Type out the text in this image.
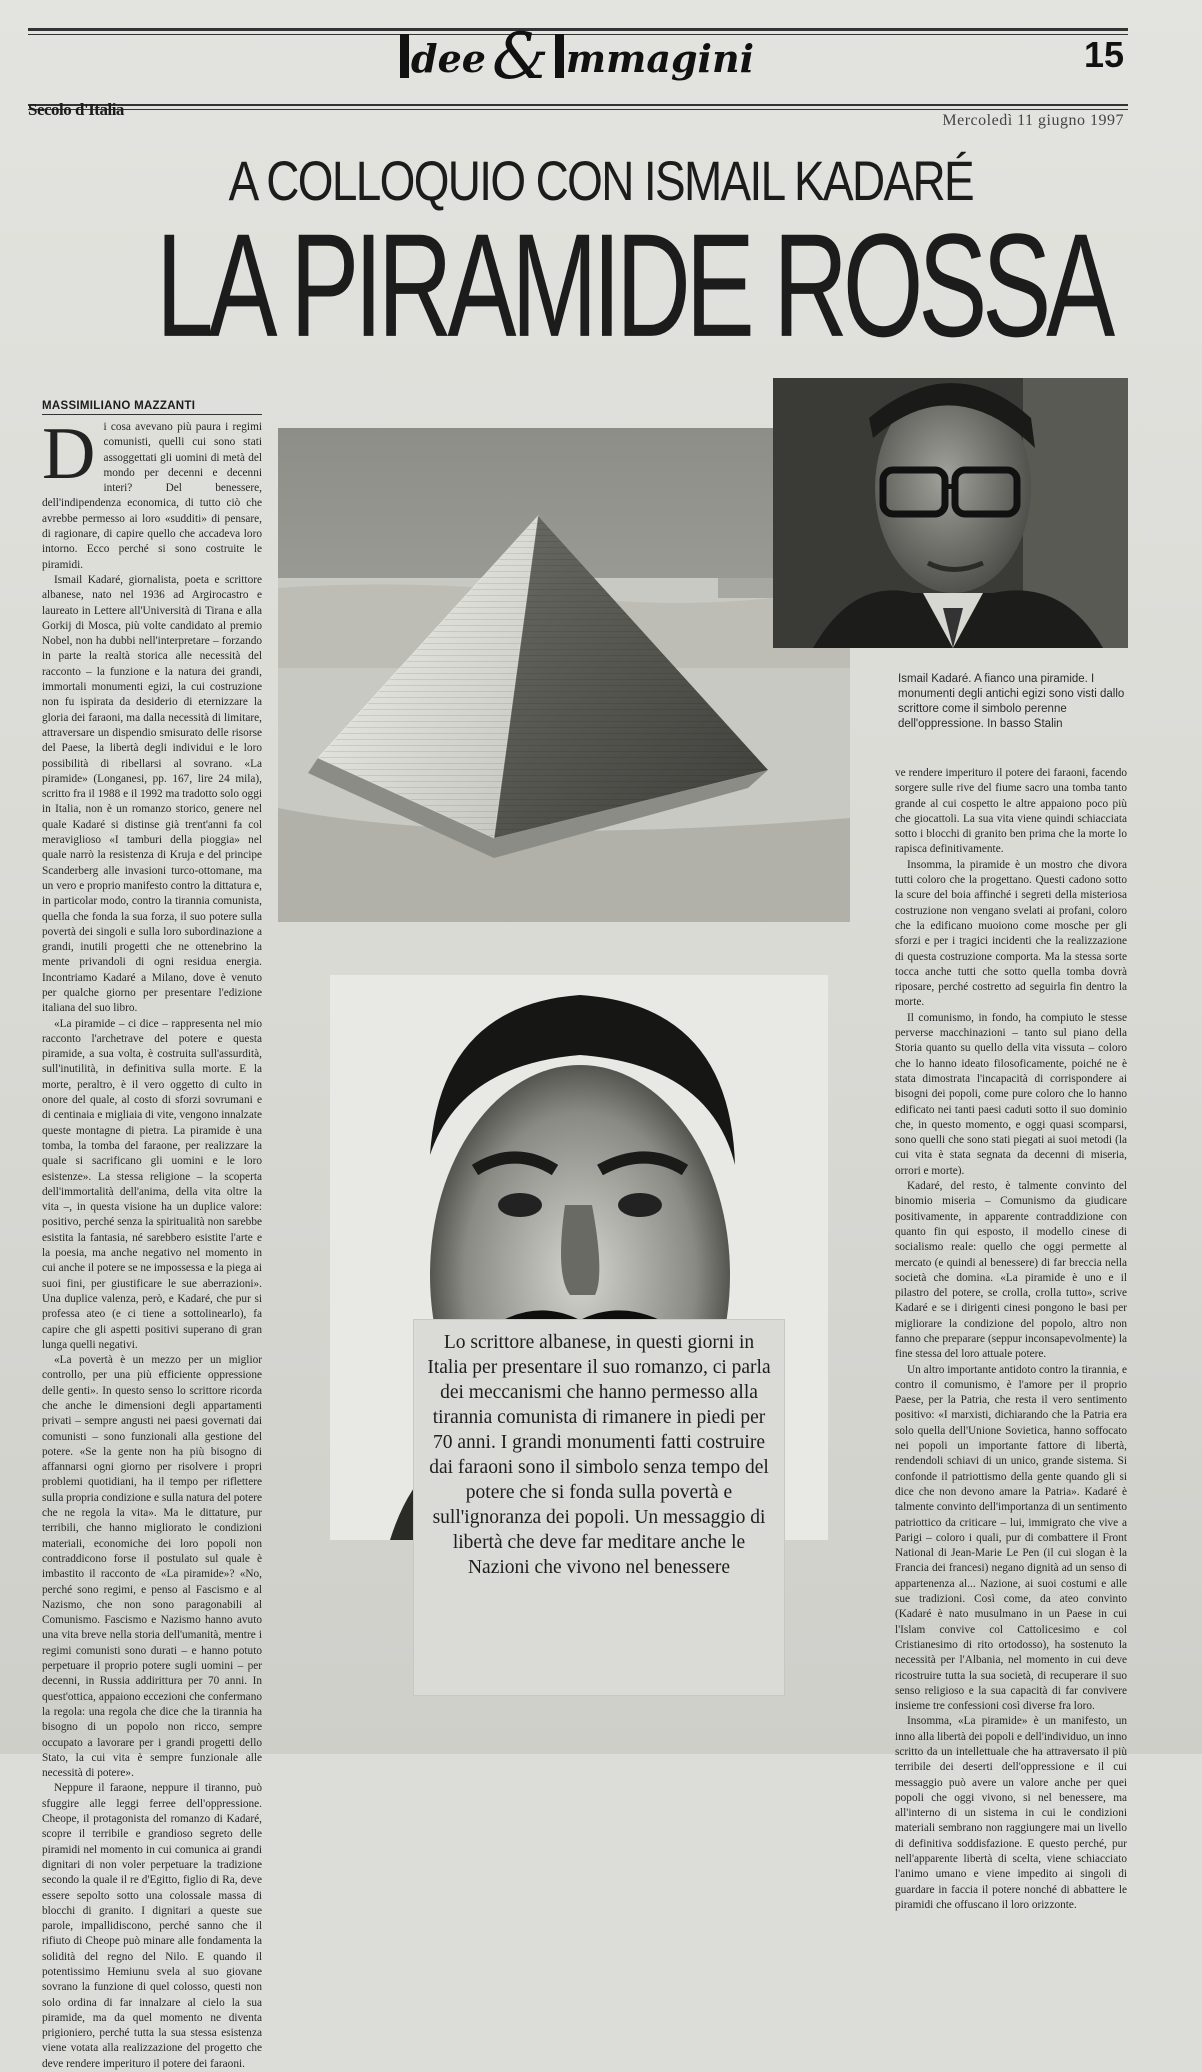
dee& mmagini	15
Secolo d'Italia
Mercoledì 11 giugno 1997
A COLLOQUIO CON ISMAIL KADARÉ
LA PIRAMIDE ROSSA
MASSIMILIANO MAZZANTI

Di cosa avevano più paura i regimi comunisti, quelli cui sono stati assoggettati gli uomini di metà del mondo per decenni e decenni interi? Del benessere, dell'indipendenza economica, di tutto ciò che avrebbe permesso ai loro «sudditi» di pensare, di ragionare, di capire quello che accadeva loro intorno. Ecco perché si sono costruite le piramidi.

Ismail Kadaré, giornalista, poeta e scrittore albanese, nato nel 1936 ad Argirocastro e laureato in Lettere all'Università di Tirana e alla Gorkij di Mosca, più volte candidato al premio Nobel, non ha dubbi nell'interpretare – forzando in parte la realtà storica alle necessità del racconto – la funzione e la natura dei grandi, immortali monumenti egizi, la cui costruzione non fu ispirata da desiderio di eternizzare la gloria dei faraoni, ma dalla necessità di limitare, attraversare un dispendio smisurato delle risorse del Paese, la libertà degli individui e le loro possibilità di ribellarsi al sovrano. «La piramide» (Longanesi, pp. 167, lire 24 mila), scritto fra il 1988 e il 1992 ma tradotto solo oggi in Italia, non è un romanzo storico, genere nel quale Kadaré si distinse già trent'anni fa col meraviglioso «I tamburi della pioggia» nel quale narrò la resistenza di Kruja e del principe Scanderberg alle invasioni turco-ottomane, ma un vero e proprio manifesto contro la dittatura e, in particolar modo, contro la tirannia comunista, quella che fonda la sua forza, il suo potere sulla povertà dei singoli e sulla loro subordinazione a grandi, inutili progetti che ne ottenebrino la mente privandoli di ogni residua energia. Incontriamo Kadaré a Milano, dove è venuto per qualche giorno per presentare l'edizione italiana del suo libro.

«La piramide – ci dice – rappresenta nel mio racconto l'archetrave del potere e questa piramide, a sua volta, è costruita sull'assurdità, sull'inutilità, in definitiva sulla morte. E la morte, peraltro, è il vero oggetto di culto in onore del quale, al costo di sforzi sovrumani e di centinaia e migliaia di vite, vengono innalzate queste montagne di pietra. La piramide è una tomba, la tomba del faraone, per realizzare la quale si sacrificano gli uomini e le loro esistenze». La stessa religione – la scoperta dell'immortalità dell'anima, della vita oltre la vita –, in questa visione ha un duplice valore: positivo, perché senza la spiritualità non sarebbe esistita la fantasia, né sarebbero esistite l'arte e la poesia, ma anche negativo nel momento in cui anche il potere se ne impossessa e la piega ai suoi fini, per giustificare le sue aberrazioni». Una duplice valenza, però, e Kadaré, che pur si professa ateo (e ci tiene a sottolinearlo), fa capire che gli aspetti positivi superano di gran lunga quelli negativi.

«La povertà è un mezzo per un miglior controllo, per una più efficiente oppressione delle genti». In questo senso lo scrittore ricorda che anche le dimensioni degli appartamenti privati – sempre angusti nei paesi governati dai comunisti – sono funzionali alla gestione del potere. «Se la gente non ha più bisogno di affannarsi ogni giorno per risolvere i propri problemi quotidiani, ha il tempo per riflettere sulla propria condizione e sulla natura del potere che ne regola la vita». Ma le dittature, pur terribili, che hanno migliorato le condizioni materiali, economiche dei loro popoli non contraddicono forse il postulato sul quale è imbastito il racconto de «La piramide»? «No, perché sono regimi, e penso al Fascismo e al Nazismo, che non sono paragonabili al Comunismo. Fascismo e Nazismo hanno avuto una vita breve nella storia dell'umanità, mentre i regimi comunisti sono durati – e hanno potuto perpetuare il proprio potere sugli uomini – per decenni, in Russia addirittura per 70 anni. In quest'ottica, appaiono eccezioni che confermano la regola: una regola che dice che la tirannia ha bisogno di un popolo non ricco, sempre occupato a lavorare per i grandi progetti dello Stato, la cui vita è sempre funzionale alle necessità di potere».

Neppure il faraone, neppure il tiranno, può sfuggire alle leggi ferree dell'oppressione. Cheope, il protagonista del romanzo di Kadaré, scopre il terribile e grandioso segreto delle piramidi nel momento in cui comunica ai grandi dignitari di non voler perpetuare la tradizione secondo la quale il re d'Egitto, figlio di Ra, deve essere sepolto sotto una colossale massa di blocchi di granito. I dignitari a queste sue parole, impallidiscono, perché sanno che il rifiuto di Cheope può minare alle fondamenta la solidità del regno del Nilo. E quando il potentissimo Hemiunu svela al suo giovane sovrano la funzione di quel colosso, questi non solo ordina di far innalzare al cielo la sua piramide, ma da quel momento ne diventa prigioniero, perché tutta la sua stessa esistenza viene votata alla realizzazione del progetto che deve rendere imperituro il potere dei faraoni.

Ismail Kadaré. A fianco una piramide. I monumenti degli antichi egizi sono visti dallo scrittore come il simbolo perenne dell'oppressione. In basso Stalin

ve rendere imperituro il potere dei faraoni, facendo sorgere sulle rive del fiume sacro una tomba tanto grande al cui cospetto le altre appaiono poco più che giocattoli. La sua vita viene quindi schiacciata sotto i blocchi di granito ben prima che la morte lo rapisca definitivamente.

Insomma, la piramide è un mostro che divora tutti coloro che la progettano. Questi cadono sotto la scure del boia affinché i segreti della misteriosa costruzione non vengano svelati ai profani, coloro che la edificano muoiono come mosche per gli sforzi e per i tragici incidenti che la realizzazione di questa costruzione comporta. Ma la stessa sorte tocca anche tutti che sotto quella tomba dovrà riposare, perché costretto ad seguirla fin dentro la morte.

Il comunismo, in fondo, ha compiuto le stesse perverse macchinazioni – tanto sul piano della Storia quanto su quello della vita vissuta – coloro che lo hanno ideato filosoficamente, poiché ne è stata dimostrata l'incapacità di corrispondere ai bisogni dei popoli, come pure coloro che lo hanno edificato nei tanti paesi caduti sotto il suo dominio che, in questo momento, e oggi quasi scomparsi, sono quelli che sono stati piegati ai suoi metodi (la cui vita è stata segnata da decenni di miseria, orrori e morte).

Kadaré, del resto, è talmente convinto del binomio miseria – Comunismo da giudicare positivamente, in apparente contraddizione con quanto fin qui esposto, il modello cinese di socialismo reale: quello che oggi permette al mercato (e quindi al benessere) di far breccia nella società che domina. «La piramide è uno e il pilastro del potere, se crolla, crolla tutto», scrive Kadaré e se i dirigenti cinesi pongono le basi per migliorare la condizione del popolo, altro non fanno che preparare (seppur inconsapevolmente) la fine stessa del loro attuale potere.

Un altro importante antidoto contro la tirannia, e contro il comunismo, è l'amore per il proprio Paese, per la Patria, che resta il vero sentimento positivo: «I marxisti, dichiarando che la Patria era solo quella dell'Unione Sovietica, hanno soffocato nei popoli un importante fattore di libertà, rendendoli schiavi di un unico, grande sistema. Si confonde il patriottismo della gente quando gli si dice che non devono amare la Patria». Kadaré è talmente convinto dell'importanza di un sentimento patriottico da criticare – lui, immigrato che vive a Parigi – coloro i quali, pur di combattere il Front National di Jean-Marie Le Pen (il cui slogan è la Francia dei francesi) negano dignità ad un senso di appartenenza al... Nazione, ai suoi costumi e alle sue tradizioni. Così come, da ateo convinto (Kadaré è nato musulmano in un Paese in cui l'Islam convive col Cattolicesimo e col Cristianesimo di rito ortodosso), ha sostenuto la necessità per l'Albania, nel momento in cui deve ricostruire tutta la sua società, di recuperare il suo senso religioso e la sua capacità di far convivere insieme tre confessioni così diverse fra loro.

Insomma, «La piramide» è un manifesto, un inno alla libertà dei popoli e dell'individuo, un inno scritto da un intellettuale che ha attraversato il più terribile dei deserti dell'oppressione e il cui messaggio può avere un valore anche per quei popoli che oggi vivono, si nel benessere, ma all'interno di un sistema in cui le condizioni materiali sembrano non raggiungere mai un livello di definitiva soddisfazione. E questo perché, pur nell'apparente libertà di scelta, viene schiacciato l'animo umano e viene impedito ai singoli di guardare in faccia il potere nonché di abbattere le piramidi che offuscano il loro orizzonte.

Lo scrittore albanese, in questi giorni in Italia per presentare il suo romanzo, ci parla dei meccanismi che hanno permesso alla tirannia comunista di rimanere in piedi per 70 anni. I grandi monumenti fatti costruire dai faraoni sono il simbolo senza tempo del potere che si fonda sulla povertà e sull'ignoranza dei popoli. Un messaggio di libertà che deve far meditare anche le Nazioni che vivono nel benessere
